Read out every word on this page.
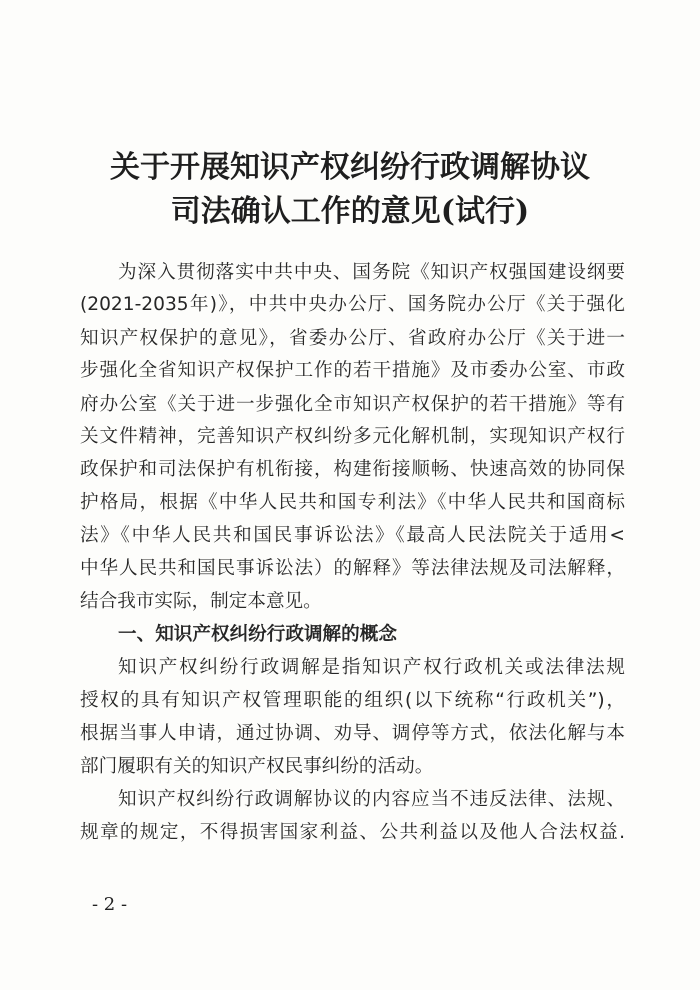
关于开展知识产权纠纷行政调解协议
司法确认工作的意见(试行)
为深入贯彻落实中共中央、国务院《知识产权强国建设纲要
(2021-2035年)》，中共中央办公厅、国务院办公厅《关于强化
知识产权保护的意见》，省委办公厅、省政府办公厅《关于进一
步强化全省知识产权保护工作的若干措施》及市委办公室、市政
府办公室《关于进一步强化全市知识产权保护的若干措施》等有
关文件精神，完善知识产权纠纷多元化解机制，实现知识产权行
政保护和司法保护有机衔接，构建衔接顺畅、快速高效的协同保
护格局，根据《中华人民共和国专利法》《中华人民共和国商标
法》《中华人民共和国民事诉讼法》《最高人民法院关于适用<
中华人民共和国民事诉讼法）的解释》等法律法规及司法解释，
结合我市实际，制定本意见。
一、知识产权纠纷行政调解的概念
知识产权纠纷行政调解是指知识产权行政机关或法律法规
授权的具有知识产权管理职能的组织(以下统称“行政机关”)，
根据当事人申请，通过协调、劝导、调停等方式，依法化解与本
部门履职有关的知识产权民事纠纷的活动。
知识产权纠纷行政调解协议的内容应当不违反法律、法规、
规章的规定，不得损害国家利益、公共利益以及他人合法权益.
- 2 -
